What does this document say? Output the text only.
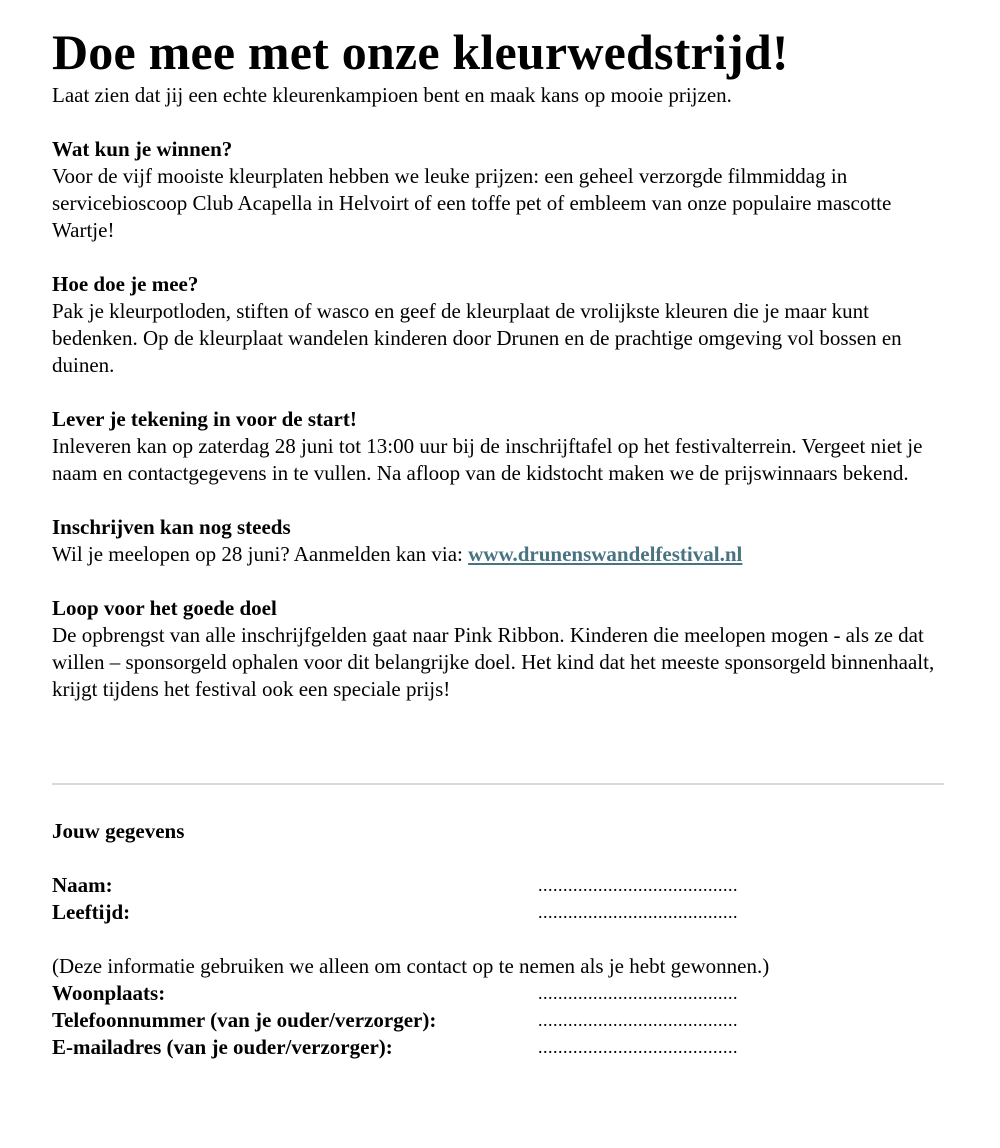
Doe mee met onze kleurwedstrijd!

Laat zien dat jij een echte kleurenkampioen bent en maak kans op mooie prijzen.

Wat kun je winnen?

Voor de vijf mooiste kleurplaten hebben we leuke prijzen: een geheel verzorgde filmmiddag in servicebioscoop Club Acapella in Helvoirt of een toffe pet of embleem van onze populaire mascotte Wartje!

Hoe doe je mee?

Pak je kleurpotloden, stiften of wasco en geef de kleurplaat de vrolijkste kleuren die je maar kunt bedenken. Op de kleurplaat wandelen kinderen door Drunen en de prachtige omgeving vol bossen en duinen.

Lever je tekening in voor de start!

Inleveren kan op zaterdag 28 juni tot 13:00 uur bij de inschrijftafel op het festivalterrein. Vergeet niet je naam en contactgegevens in te vullen. Na afloop van de kidstocht maken we de prijswinnaars bekend.

Inschrijven kan nog steeds

Wil je meelopen op 28 juni? Aanmelden kan via: www.drunenswandelfestival.nl

Loop voor het goede doel

De opbrengst van alle inschrijfgelden gaat naar Pink Ribbon. Kinderen die meelopen mogen - als ze dat willen – sponsorgeld ophalen voor dit belangrijke doel. Het kind dat het meeste sponsorgeld binnenhaalt, krijgt tijdens het festival ook een speciale prijs!

Jouw gegevens

Naam:	........................................
Leeftijd:	........................................

(Deze informatie gebruiken we alleen om contact op te nemen als je hebt gewonnen.)

Woonplaats:	........................................
Telefoonnummer (van je ouder/verzorger):	........................................
E-mailadres (van je ouder/verzorger):	........................................
